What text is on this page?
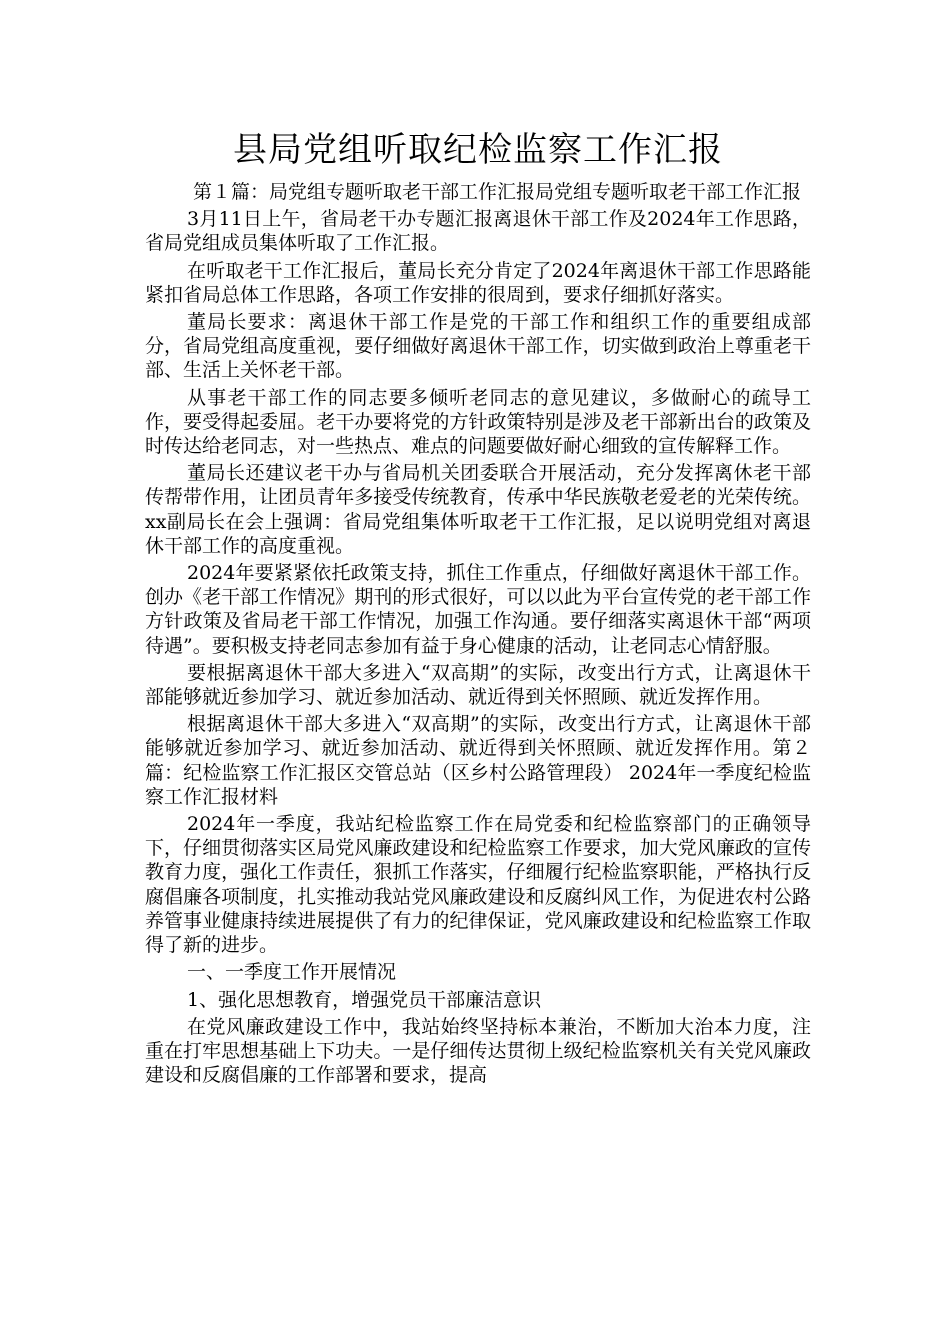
县局党组听取纪检监察工作汇报

第１篇：局党组专题听取老干部工作汇报局党组专题听取老干部工作汇报

3月11日上午，省局老干办专题汇报离退休干部工作及2024年工作思路，省局党组成员集体听取了工作汇报。

在听取老干工作汇报后，董局长充分肯定了2024年离退休干部工作思路能紧扣省局总体工作思路，各项工作安排的很周到，要求仔细抓好落实。

董局长要求：离退休干部工作是党的干部工作和组织工作的重要组成部分，省局党组高度重视，要仔细做好离退休干部工作，切实做到政治上尊重老干部、生活上关怀老干部。

从事老干部工作的同志要多倾听老同志的意见建议，多做耐心的疏导工作，要受得起委屈。老干办要将党的方针政策特别是涉及老干部新出台的政策及时传达给老同志，对一些热点、难点的问题要做好耐心细致的宣传解释工作。

董局长还建议老干办与省局机关团委联合开展活动，充分发挥离休老干部传帮带作用，让团员青年多接受传统教育，传承中华民族敬老爱老的光荣传统。xx副局长在会上强调：省局党组集体听取老干工作汇报，足以说明党组对离退休干部工作的高度重视。

2024年要紧紧依托政策支持，抓住工作重点，仔细做好离退休干部工作。创办《老干部工作情况》期刊的形式很好，可以以此为平台宣传党的老干部工作方针政策及省局老干部工作情况，加强工作沟通。要仔细落实离退休干部“两项待遇”。要积极支持老同志参加有益于身心健康的活动，让老同志心情舒服。

要根据离退休干部大多进入“双高期”的实际，改变出行方式，让离退休干部能够就近参加学习、就近参加活动、就近得到关怀照顾、就近发挥作用。

根据离退休干部大多进入“双高期”的实际，改变出行方式，让离退休干部能够就近参加学习、就近参加活动、就近得到关怀照顾、就近发挥作用。第２篇：纪检监察工作汇报区交管总站（区乡村公路管理段） 2024年一季度纪检监察工作汇报材料

2024年一季度，我站纪检监察工作在局党委和纪检监察部门的正确领导下，仔细贯彻落实区局党风廉政建设和纪检监察工作要求，加大党风廉政的宣传教育力度，强化工作责任，狠抓工作落实，仔细履行纪检监察职能，严格执行反腐倡廉各项制度，扎实推动我站党风廉政建设和反腐纠风工作，为促进农村公路养管事业健康持续进展提供了有力的纪律保证，党风廉政建设和纪检监察工作取得了新的进步。

一、一季度工作开展情况

1、强化思想教育，增强党员干部廉洁意识

在党风廉政建设工作中，我站始终坚持标本兼治，不断加大治本力度，注重在打牢思想基础上下功夫。一是仔细传达贯彻上级纪检监察机关有关党风廉政建设和反腐倡廉的工作部署和要求，提高
